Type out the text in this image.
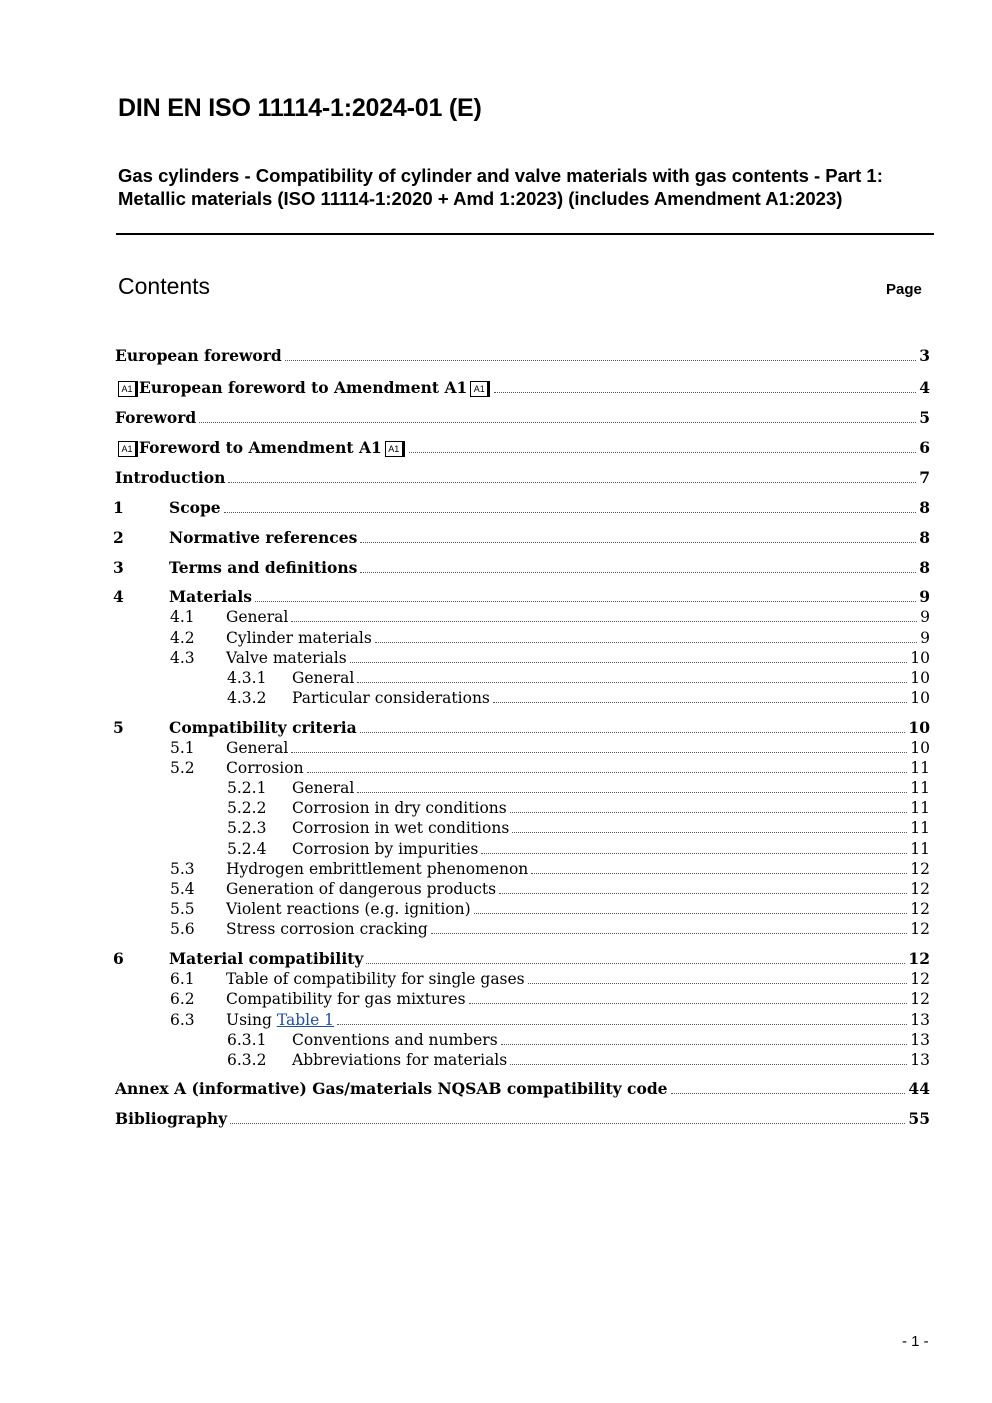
DIN EN ISO 11114-1:2024-01 (E)
Gas cylinders - Compatibility of cylinder and valve materials with gas contents - Part 1: Metallic materials (ISO 11114-1:2020 + Amd 1:2023) (includes Amendment A1:2023)
Contents	Page
European foreword	3
A1 European foreword to Amendment A1 A1	4
Foreword	5
A1 Foreword to Amendment A1 A1	6
Introduction	7
1	Scope	8
2	Normative references	8
3	Terms and definitions	8
4	Materials	9
4.1 General	9
4.2 Cylinder materials	9
4.3 Valve materials	10
4.3.1 General	10
4.3.2 Particular considerations	10
5	Compatibility criteria	10
5.1 General	10
5.2 Corrosion	11
5.2.1 General	11
5.2.2 Corrosion in dry conditions	11
5.2.3 Corrosion in wet conditions	11
5.2.4 Corrosion by impurities	11
5.3 Hydrogen embrittlement phenomenon	12
5.4 Generation of dangerous products	12
5.5 Violent reactions (e.g. ignition)	12
5.6 Stress corrosion cracking	12
6	Material compatibility	12
6.1 Table of compatibility for single gases	12
6.2 Compatibility for gas mixtures	12
6.3 Using Table 1	13
6.3.1 Conventions and numbers	13
6.3.2 Abbreviations for materials	13
Annex A (informative) Gas/materials NQSAB compatibility code	44
Bibliography	55
- 1 -
